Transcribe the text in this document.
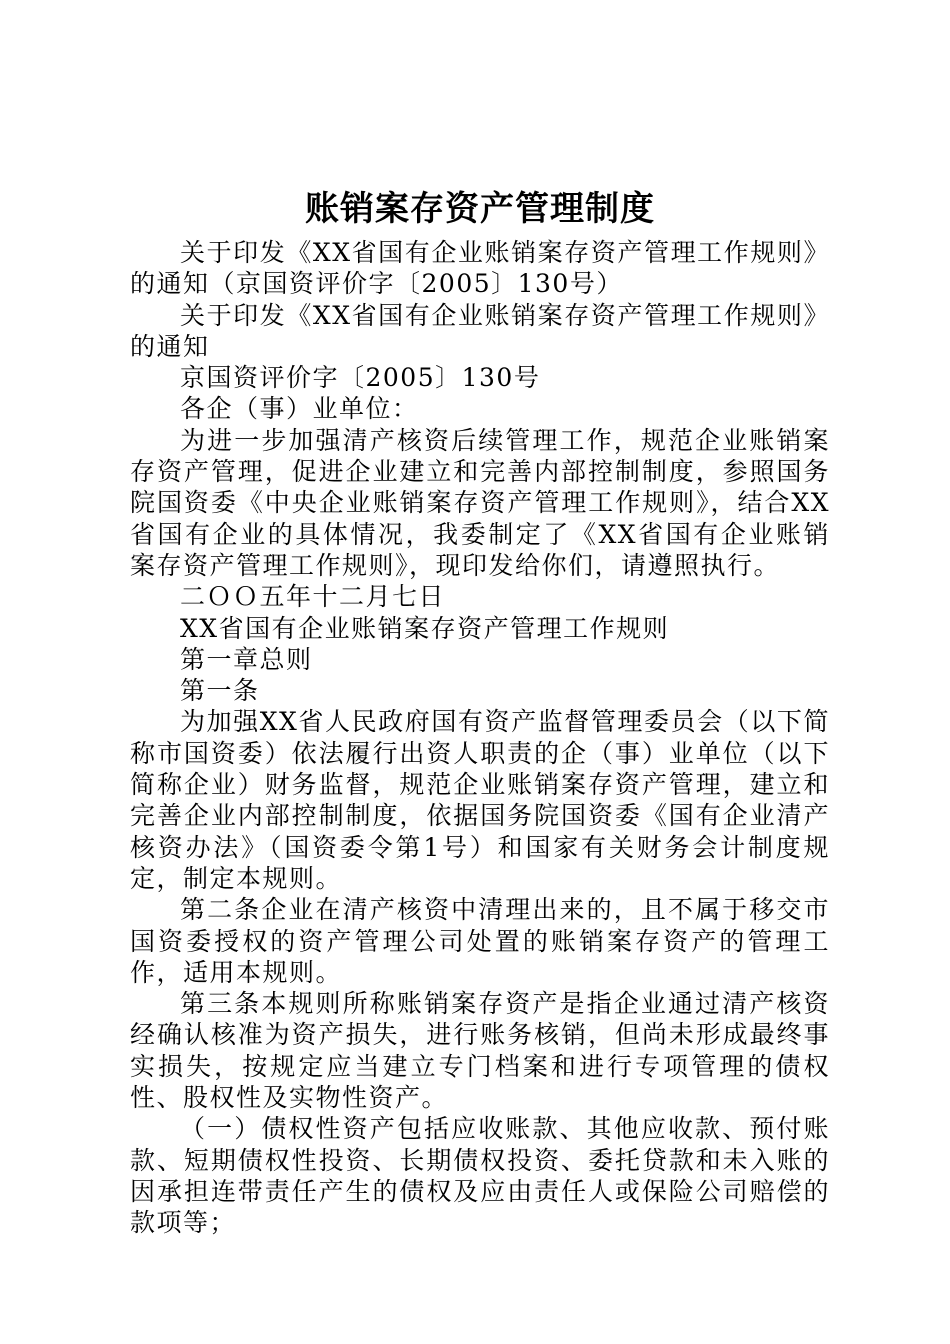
账销案存资产管理制度

关于印发《XX省国有企业账销案存资产管理工作规则》的通知（京国资评价字〔2005〕130号）

关于印发《XX省国有企业账销案存资产管理工作规则》的通知

京国资评价字〔2005〕130号

各企（事）业单位：

为进一步加强清产核资后续管理工作，规范企业账销案存资产管理，促进企业建立和完善内部控制制度，参照国务院国资委《中央企业账销案存资产管理工作规则》，结合XX省国有企业的具体情况，我委制定了《XX省国有企业账销案存资产管理工作规则》，现印发给你们，请遵照执行。

二ＯＯ五年十二月七日

XX省国有企业账销案存资产管理工作规则

第一章总则

第一条

为加强XX省人民政府国有资产监督管理委员会（以下简称市国资委）依法履行出资人职责的企（事）业单位（以下简称企业）财务监督，规范企业账销案存资产管理，建立和完善企业内部控制制度，依据国务院国资委《国有企业清产核资办法》（国资委令第1号）和国家有关财务会计制度规定，制定本规则。

第二条企业在清产核资中清理出来的，且不属于移交市国资委授权的资产管理公司处置的账销案存资产的管理工作，适用本规则。

第三条本规则所称账销案存资产是指企业通过清产核资经确认核准为资产损失，进行账务核销，但尚未形成最终事实损失，按规定应当建立专门档案和进行专项管理的债权性、股权性及实物性资产。

（一）债权性资产包括应收账款、其他应收款、预付账款、短期债权性投资、长期债权投资、委托贷款和未入账的因承担连带责任产生的债权及应由责任人或保险公司赔偿的款项等；
